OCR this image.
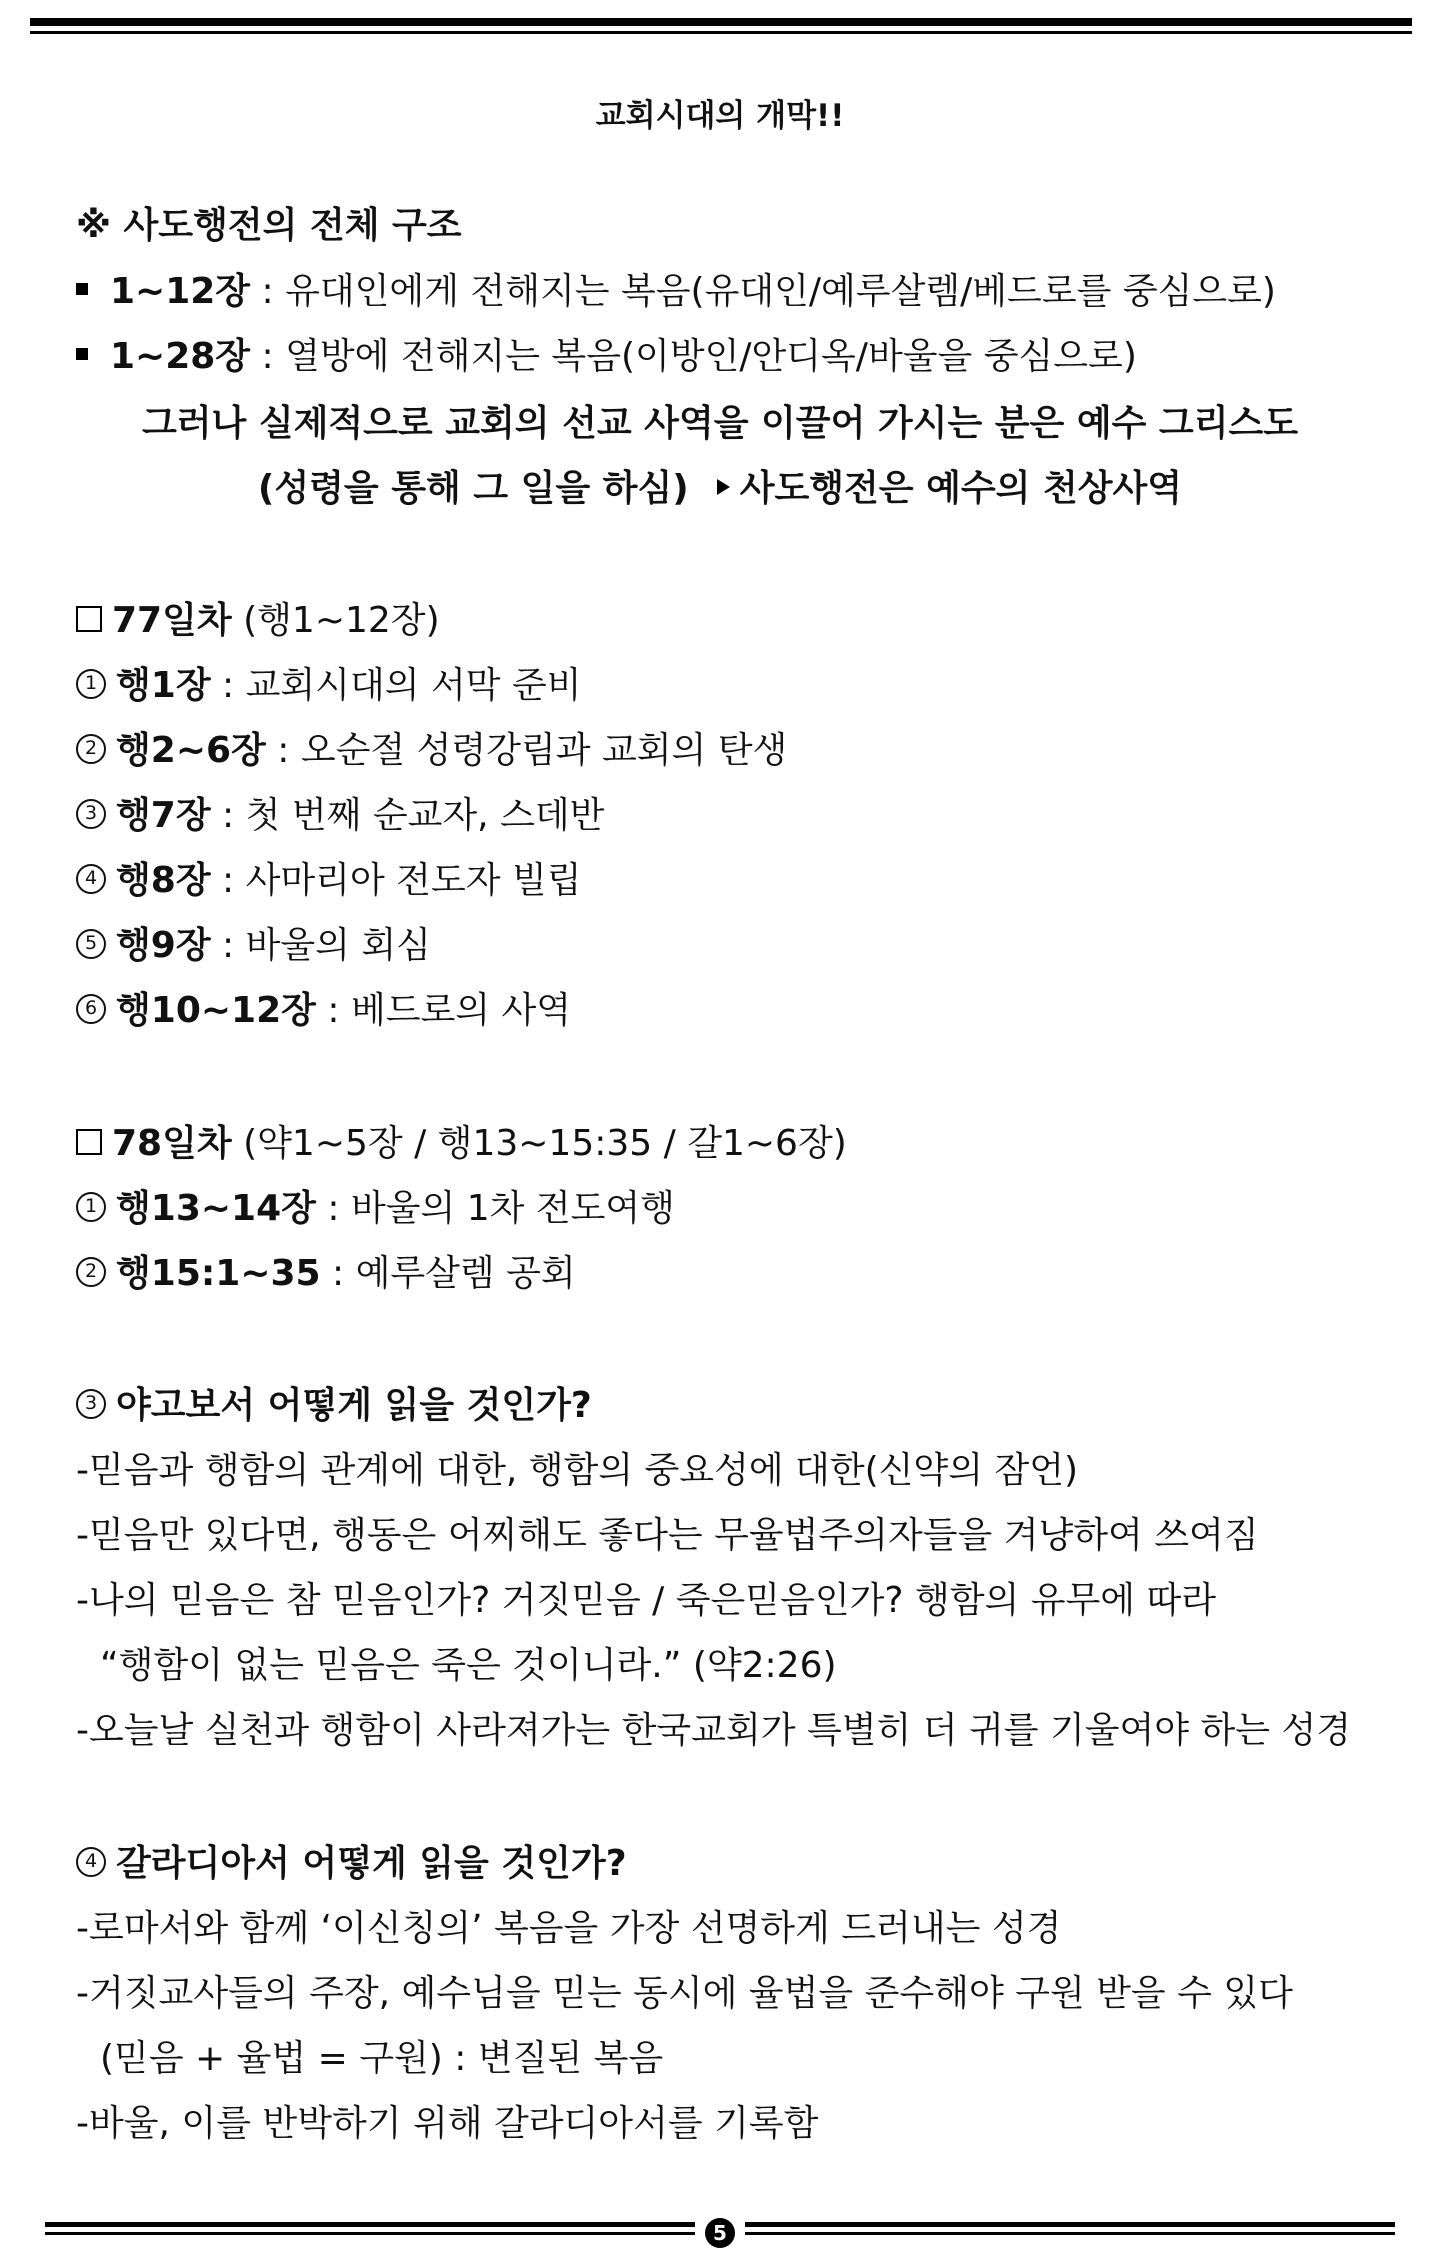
교회시대의 개막!!
※ 사도행전의 전체 구조
1~12장 : 유대인에게 전해지는 복음(유대인/예루살렘/베드로를 중심으로)
1~28장 : 열방에 전해지는 복음(이방인/안디옥/바울을 중심으로)
그러나 실제적으로 교회의 선교 사역을 이끌어 가시는 분은 예수 그리스도
(성령을 통해 그 일을 하심) 사도행전은 예수의 천상사역
77일차 (행1~12장)
1 행1장 : 교회시대의 서막 준비
2 행2~6장 : 오순절 성령강림과 교회의 탄생
3 행7장 : 첫 번째 순교자, 스데반
4 행8장 : 사마리아 전도자 빌립
5 행9장 : 바울의 회심
6 행10~12장 : 베드로의 사역
78일차 (약1~5장 / 행13~15:35 / 갈1~6장)
1 행13~14장 : 바울의 1차 전도여행
2 행15:1~35 : 예루살렘 공회
3 야고보서 어떻게 읽을 것인가?
-믿음과 행함의 관계에 대한, 행함의 중요성에 대한(신약의 잠언)
-믿음만 있다면, 행동은 어찌해도 좋다는 무율법주의자들을 겨냥하여 쓰여짐
-나의 믿음은 참 믿음인가? 거짓믿음 / 죽은믿음인가? 행함의 유무에 따라
“행함이 없는 믿음은 죽은 것이니라.” (약2:26)
-오늘날 실천과 행함이 사라져가는 한국교회가 특별히 더 귀를 기울여야 하는 성경
4 갈라디아서 어떻게 읽을 것인가?
-로마서와 함께 ‘이신칭의’ 복음을 가장 선명하게 드러내는 성경
-거짓교사들의 주장, 예수님을 믿는 동시에 율법을 준수해야 구원 받을 수 있다
(믿음 + 율법 = 구원) : 변질된 복음
-바울, 이를 반박하기 위해 갈라디아서를 기록함
5
